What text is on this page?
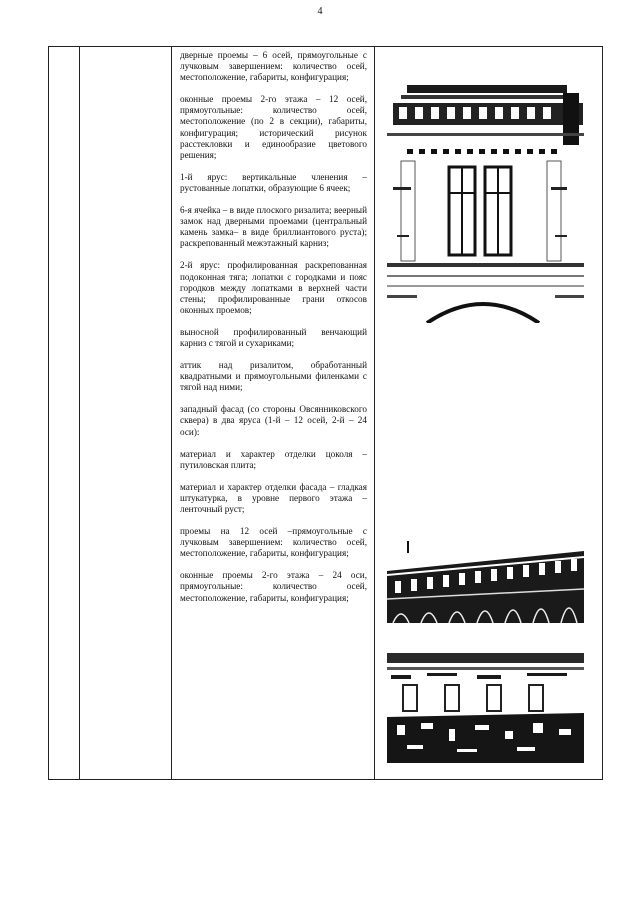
4

дверные проемы – 6 осей, прямоугольные с лучковым завершением: количество осей, местоположение, габариты, конфигурация;

оконные проемы 2-го этажа – 12 осей, прямоугольные: количество осей, местоположение (по 2 в секции), габариты, конфигурация; исторический рисунок расстекловки и единообразие цветового решения;

1-й ярус: вертикальные членения – рустованные лопатки, образующие 6 ячеек;

6-я ячейка – в виде плоского ризалита; веерный замок над дверными проемами (центральный камень замка– в виде бриллиантового руста); раскрепованный межэтажный карниз;

2-й ярус: профилированная раскрепованная подоконная тяга; лопатки с городками и пояс городков между лопатками в верхней части стены; профилированные грани откосов оконных проемов;

выносной профилированный венчающий карниз с тягой и сухариками;

аттик над ризалитом, обработанный квадратными и прямоугольными филенками с тягой над ними;

западный фасад (со стороны Овсянниковского сквера) в два яруса (1-й – 12 осей, 2-й – 24 оси):

материал и характер отделки цоколя – путиловская плита;

материал и характер отделки фасада – гладкая штукатурка, в уровне первого этажа – ленточный руст;

проемы на 12 осей –прямоугольные с лучковым завершением: количество осей, местоположение, габариты, конфигурация;

оконные проемы 2-го этажа – 24 оси, прямоугольные: количество осей, местоположение, габариты, конфигурация;
